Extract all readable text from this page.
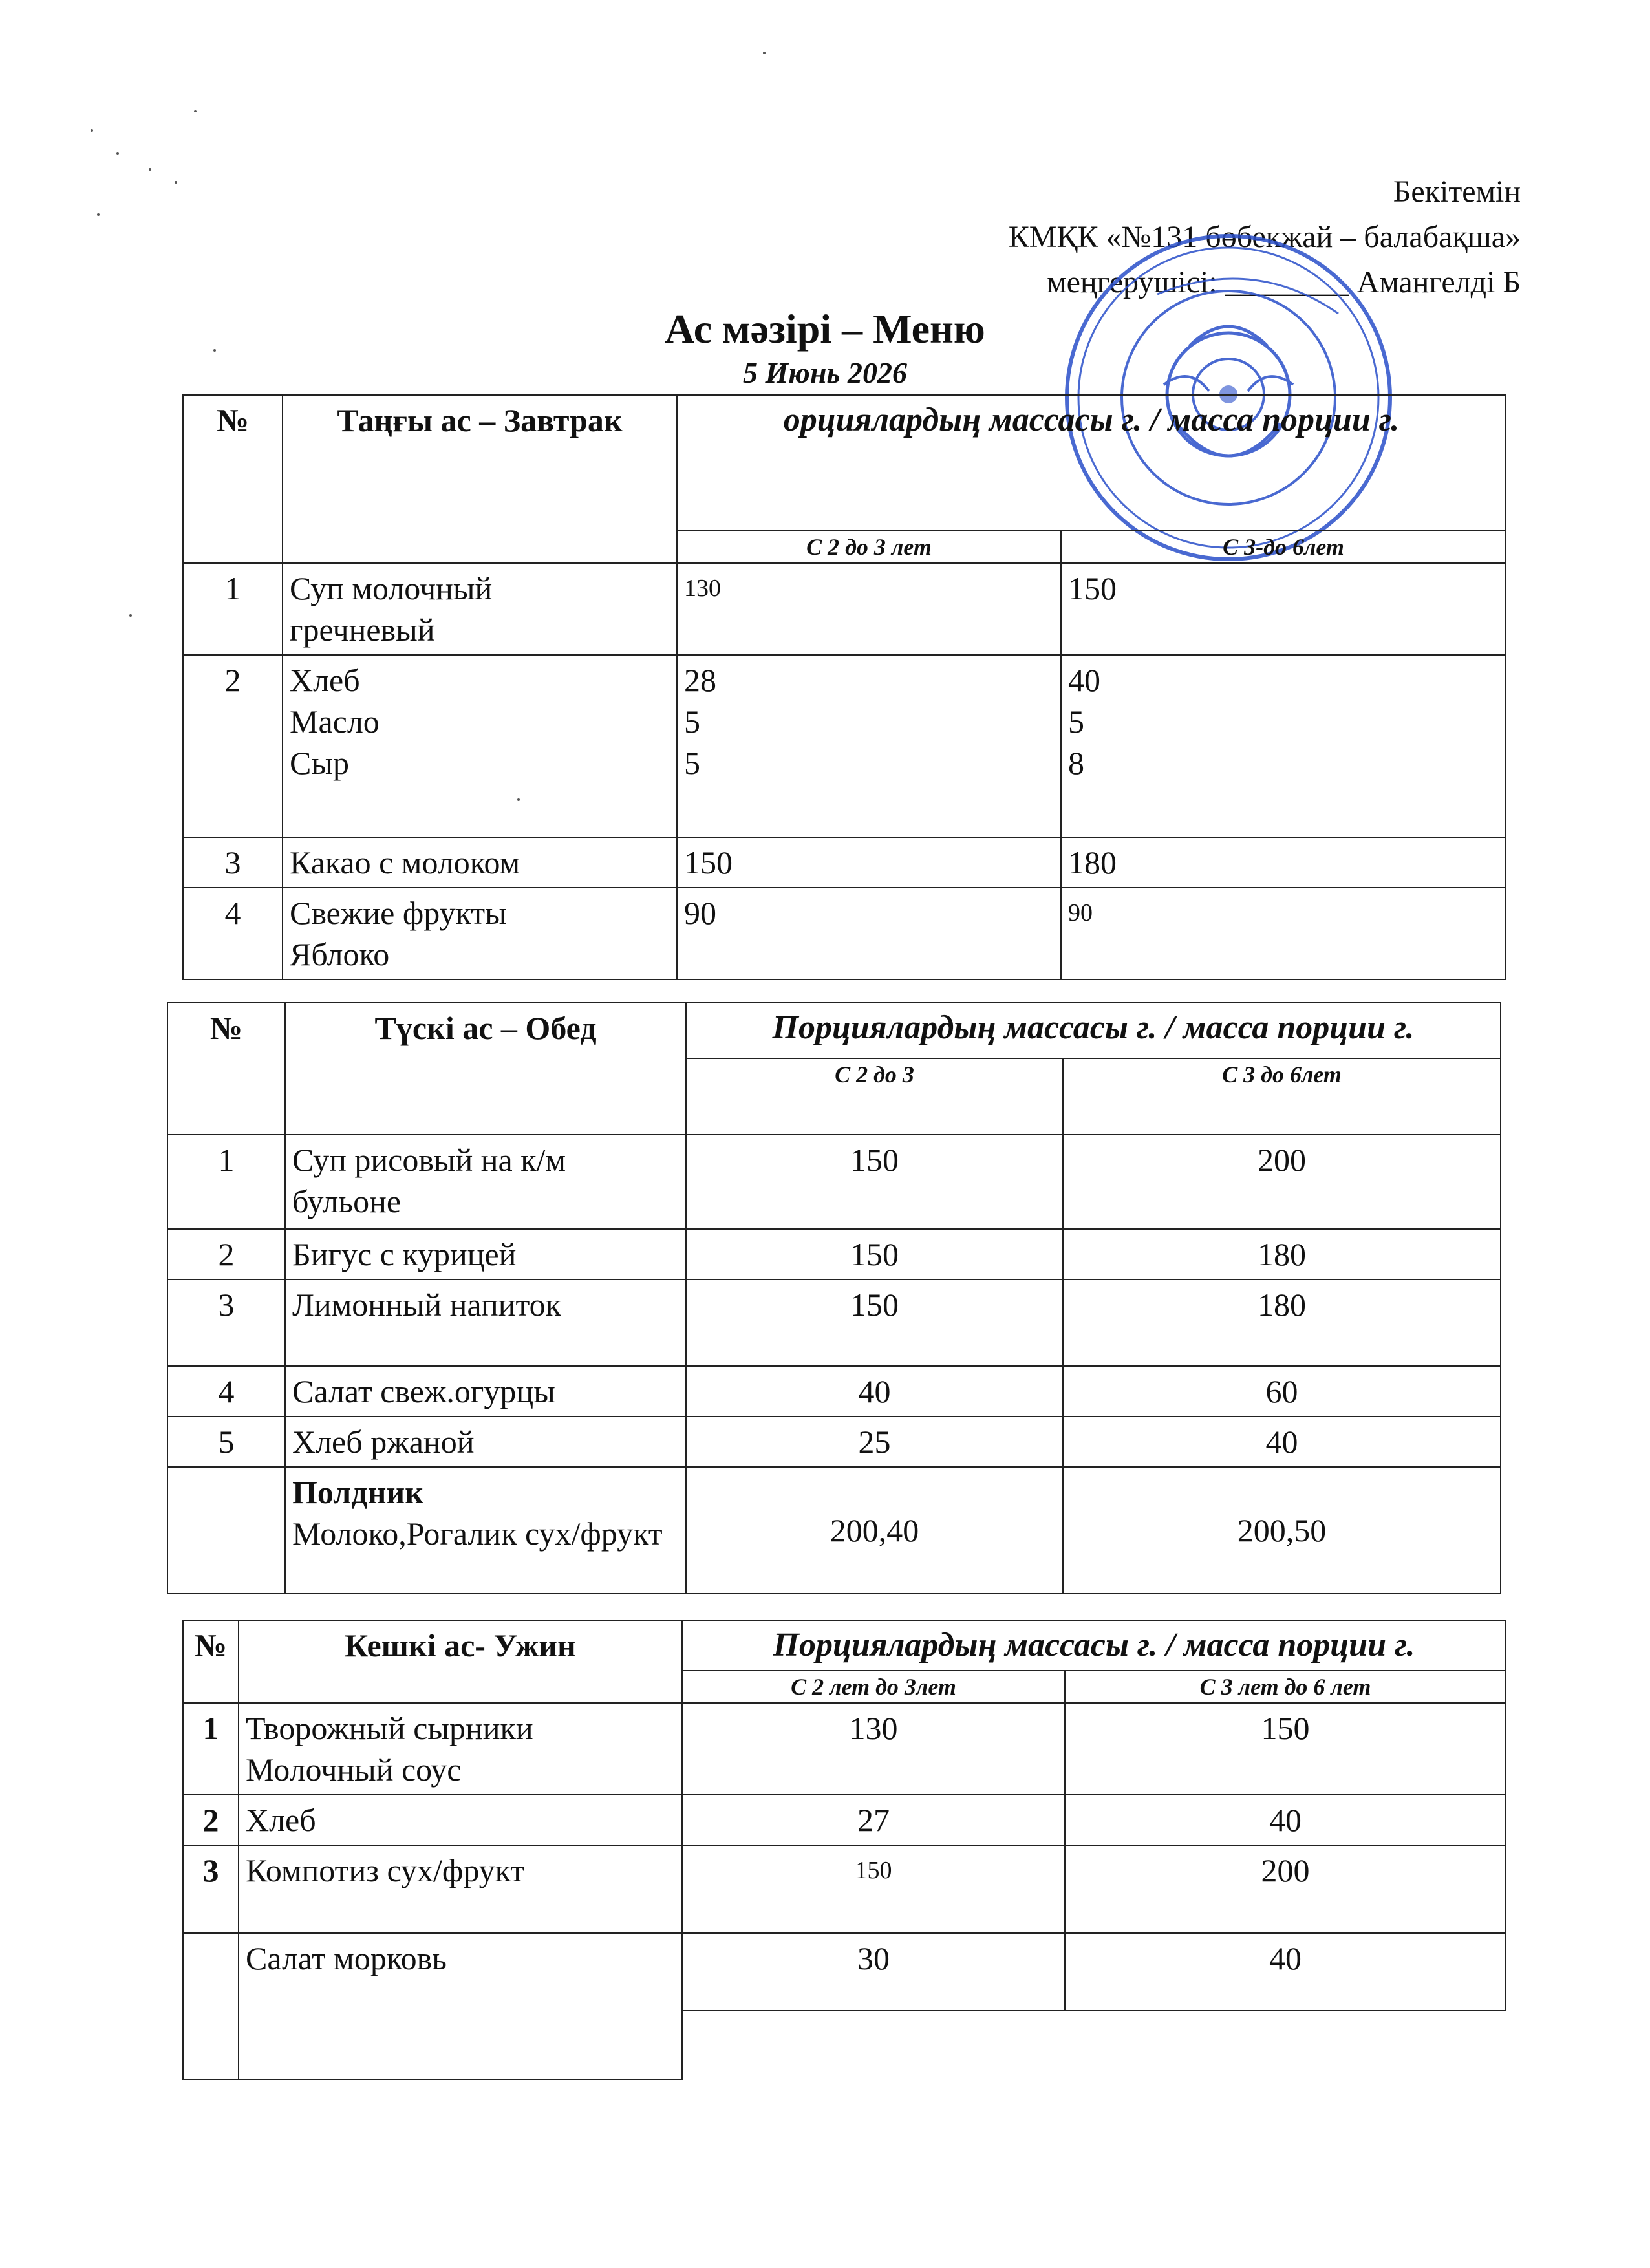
Бекітемін
КМҚК «№131 бөбекжай – балабақша»
меңгерушісі: ________ Амангелді Б
Ас мәзірі – Меню
5 Июнь 2026
№	Таңғы ас – Завтрак	орциялардың массасы г. / масса порции г.	
		С 2 до 3 лет	С 3-до 6лет
1	Суп молочный
гречневый	130	150
2	Хлеб
Масло
Сыр	28
5
5	40
5
8

3	Какао с молоком	150	180
4	Свежие фрукты
Яблоко	90	90
№	Түскі ас – Обед	Порциялардың массасы г. / масса порции г.	
		С 2 до 3	С 3 до 6лет
1	Суп рисовый на к/м бульоне	150	200
2	Бигус с курицей	150	180
3	Лимонный напиток	150	180
4	Салат свеж.огурцы	40	60
5	Хлеб ржаной	25	40

	Полдник
Молоко,Рогалик сух/фрукт	200,40	200,50
№	Кешкі ас- Ужин	Порциялардың массасы г. / масса порции г.	
		С 2 лет до 3лет	С 3 лет до 6 лет
1	Творожный сырники
Молочный соус	130	150
2	Хлеб	27	40
3	Компотиз сух/фрукт	150	200
	Салат морковь	30	40
